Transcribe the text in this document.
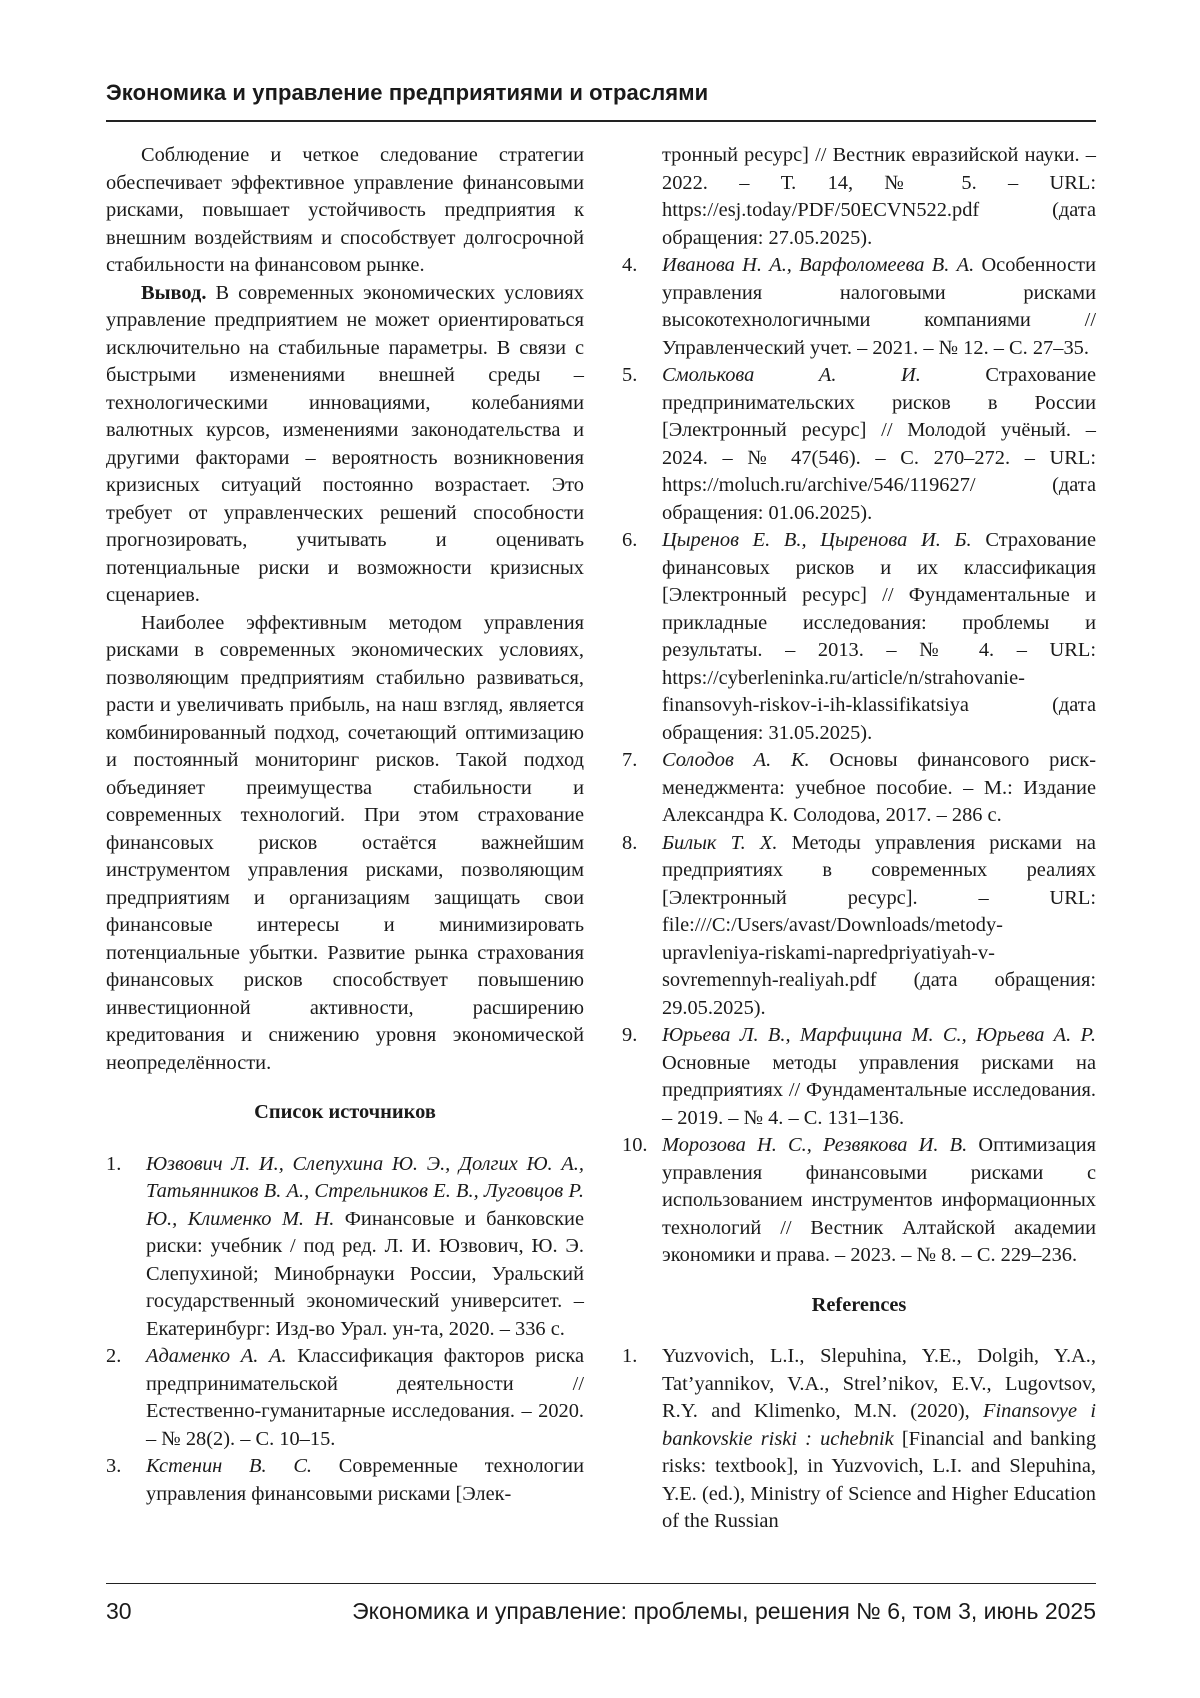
Экономика и управление предприятиями и отраслями

Соблюдение и четкое следование стратегии обеспечивает эффективное управление финансовыми рисками, повышает устойчивость предприятия к внешним воздействиям и способствует долгосрочной стабильности на финансовом рынке.

Вывод. В современных экономических условиях управление предприятием не может ориентироваться исключительно на стабильные параметры. В связи с быстрыми изменениями внешней среды – технологическими инновациями, колебаниями валютных курсов, изменениями законодательства и другими факторами – вероятность возникновения кризисных ситуаций постоянно возрастает. Это требует от управленческих решений способности прогнозировать, учитывать и оценивать потенциальные риски и возможности кризисных сценариев.

Наиболее эффективным методом управления рисками в современных экономических условиях, позволяющим предприятиям стабильно развиваться, расти и увеличивать прибыль, на наш взгляд, является комбинированный подход, сочетающий оптимизацию и постоянный мониторинг рисков. Такой подход объединяет преимущества стабильности и современных технологий. При этом страхование финансовых рисков остаётся важнейшим инструментом управления рисками, позволяющим предприятиям и организациям защищать свои финансовые интересы и минимизировать потенциальные убытки. Развитие рынка страхования финансовых рисков способствует повышению инвестиционной активности, расширению кредитования и снижению уровня экономической неопределённости.

Список источников
1. Юзвович Л. И., Слепухина Ю. Э., Долгих Ю. А., Татьянников В. А., Стрельников Е. В., Луговцов Р. Ю., Клименко М. Н. Финансовые и банковские риски: учебник / под ред. Л. И. Юзвович, Ю. Э. Слепухиной; Минобрнауки России, Уральский государственный экономический университет. – Екатеринбург: Изд-во Урал. ун-та, 2020. – 336 с.
2. Адаменко А. А. Классификация факторов риска предпринимательской деятельности // Естественно-гуманитарные исследования. – 2020. – № 28(2). – С. 10–15.
3. Кстенин В. С. Современные технологии управления финансовыми рисками [Элек-
тронный ресурс] // Вестник евразийской науки. – 2022. – Т. 14, № 5. – URL: https://esj.today/PDF/50ECVN522.pdf (дата обращения: 27.05.2025).
4. Иванова Н. А., Варфоломеева В. А. Особенности управления налоговыми рисками высокотехнологичными компаниями // Управленческий учет. – 2021. – № 12. – С. 27–35.
5. Смолькова А. И. Страхование предпринимательских рисков в России [Электронный ресурс] // Молодой учёный. – 2024. – № 47(546). – С. 270–272. – URL: https://moluch.ru/archive/546/119627/ (дата обращения: 01.06.2025).
6. Цыренов Е. В., Цыренова И. Б. Страхование финансовых рисков и их классификация [Электронный ресурс] // Фундаментальные и прикладные исследования: проблемы и результаты. – 2013. – № 4. – URL: https://cyberleninka.ru/article/n/strahovanie-finansovyh-riskov-i-ih-klassifikatsiya (дата обращения: 31.05.2025).
7. Солодов А. К. Основы финансового риск-менеджмента: учебное пособие. – М.: Издание Александра К. Солодова, 2017. – 286 с.
8. Билык Т. Х. Методы управления рисками на предприятиях в современных реалиях [Электронный ресурс]. – URL: file:///C:/Users/avast/Downloads/metody-upravleniya-riskami-napredpriyatiyah-v-sovremennyh-realiyah.pdf (дата обращения: 29.05.2025).
9. Юрьева Л. В., Марфицина М. С., Юрьева А. Р. Основные методы управления рисками на предприятиях // Фундаментальные исследования. – 2019. – № 4. – С. 131–136.
10. Морозова Н. С., Резвякова И. В. Оптимизация управления финансовыми рисками с использованием инструментов информационных технологий // Вестник Алтайской академии экономики и права. – 2023. – № 8. – С. 229–236.
References
1. Yuzvovich, L.I., Slepuhina, Y.E., Dolgih, Y.A., Tat’yannikov, V.A., Strel’nikov, E.V., Lugovtsov, R.Y. and Klimenko, M.N. (2020), Finansovye i bankovskie riski : uchebnik [Financial and banking risks: textbook], in Yuzvovich, L.I. and Slepuhina, Y.E. (ed.), Ministry of Science and Higher Education of the Russian
30	Экономика и управление: проблемы, решения № 6, том 3, июнь 2025
